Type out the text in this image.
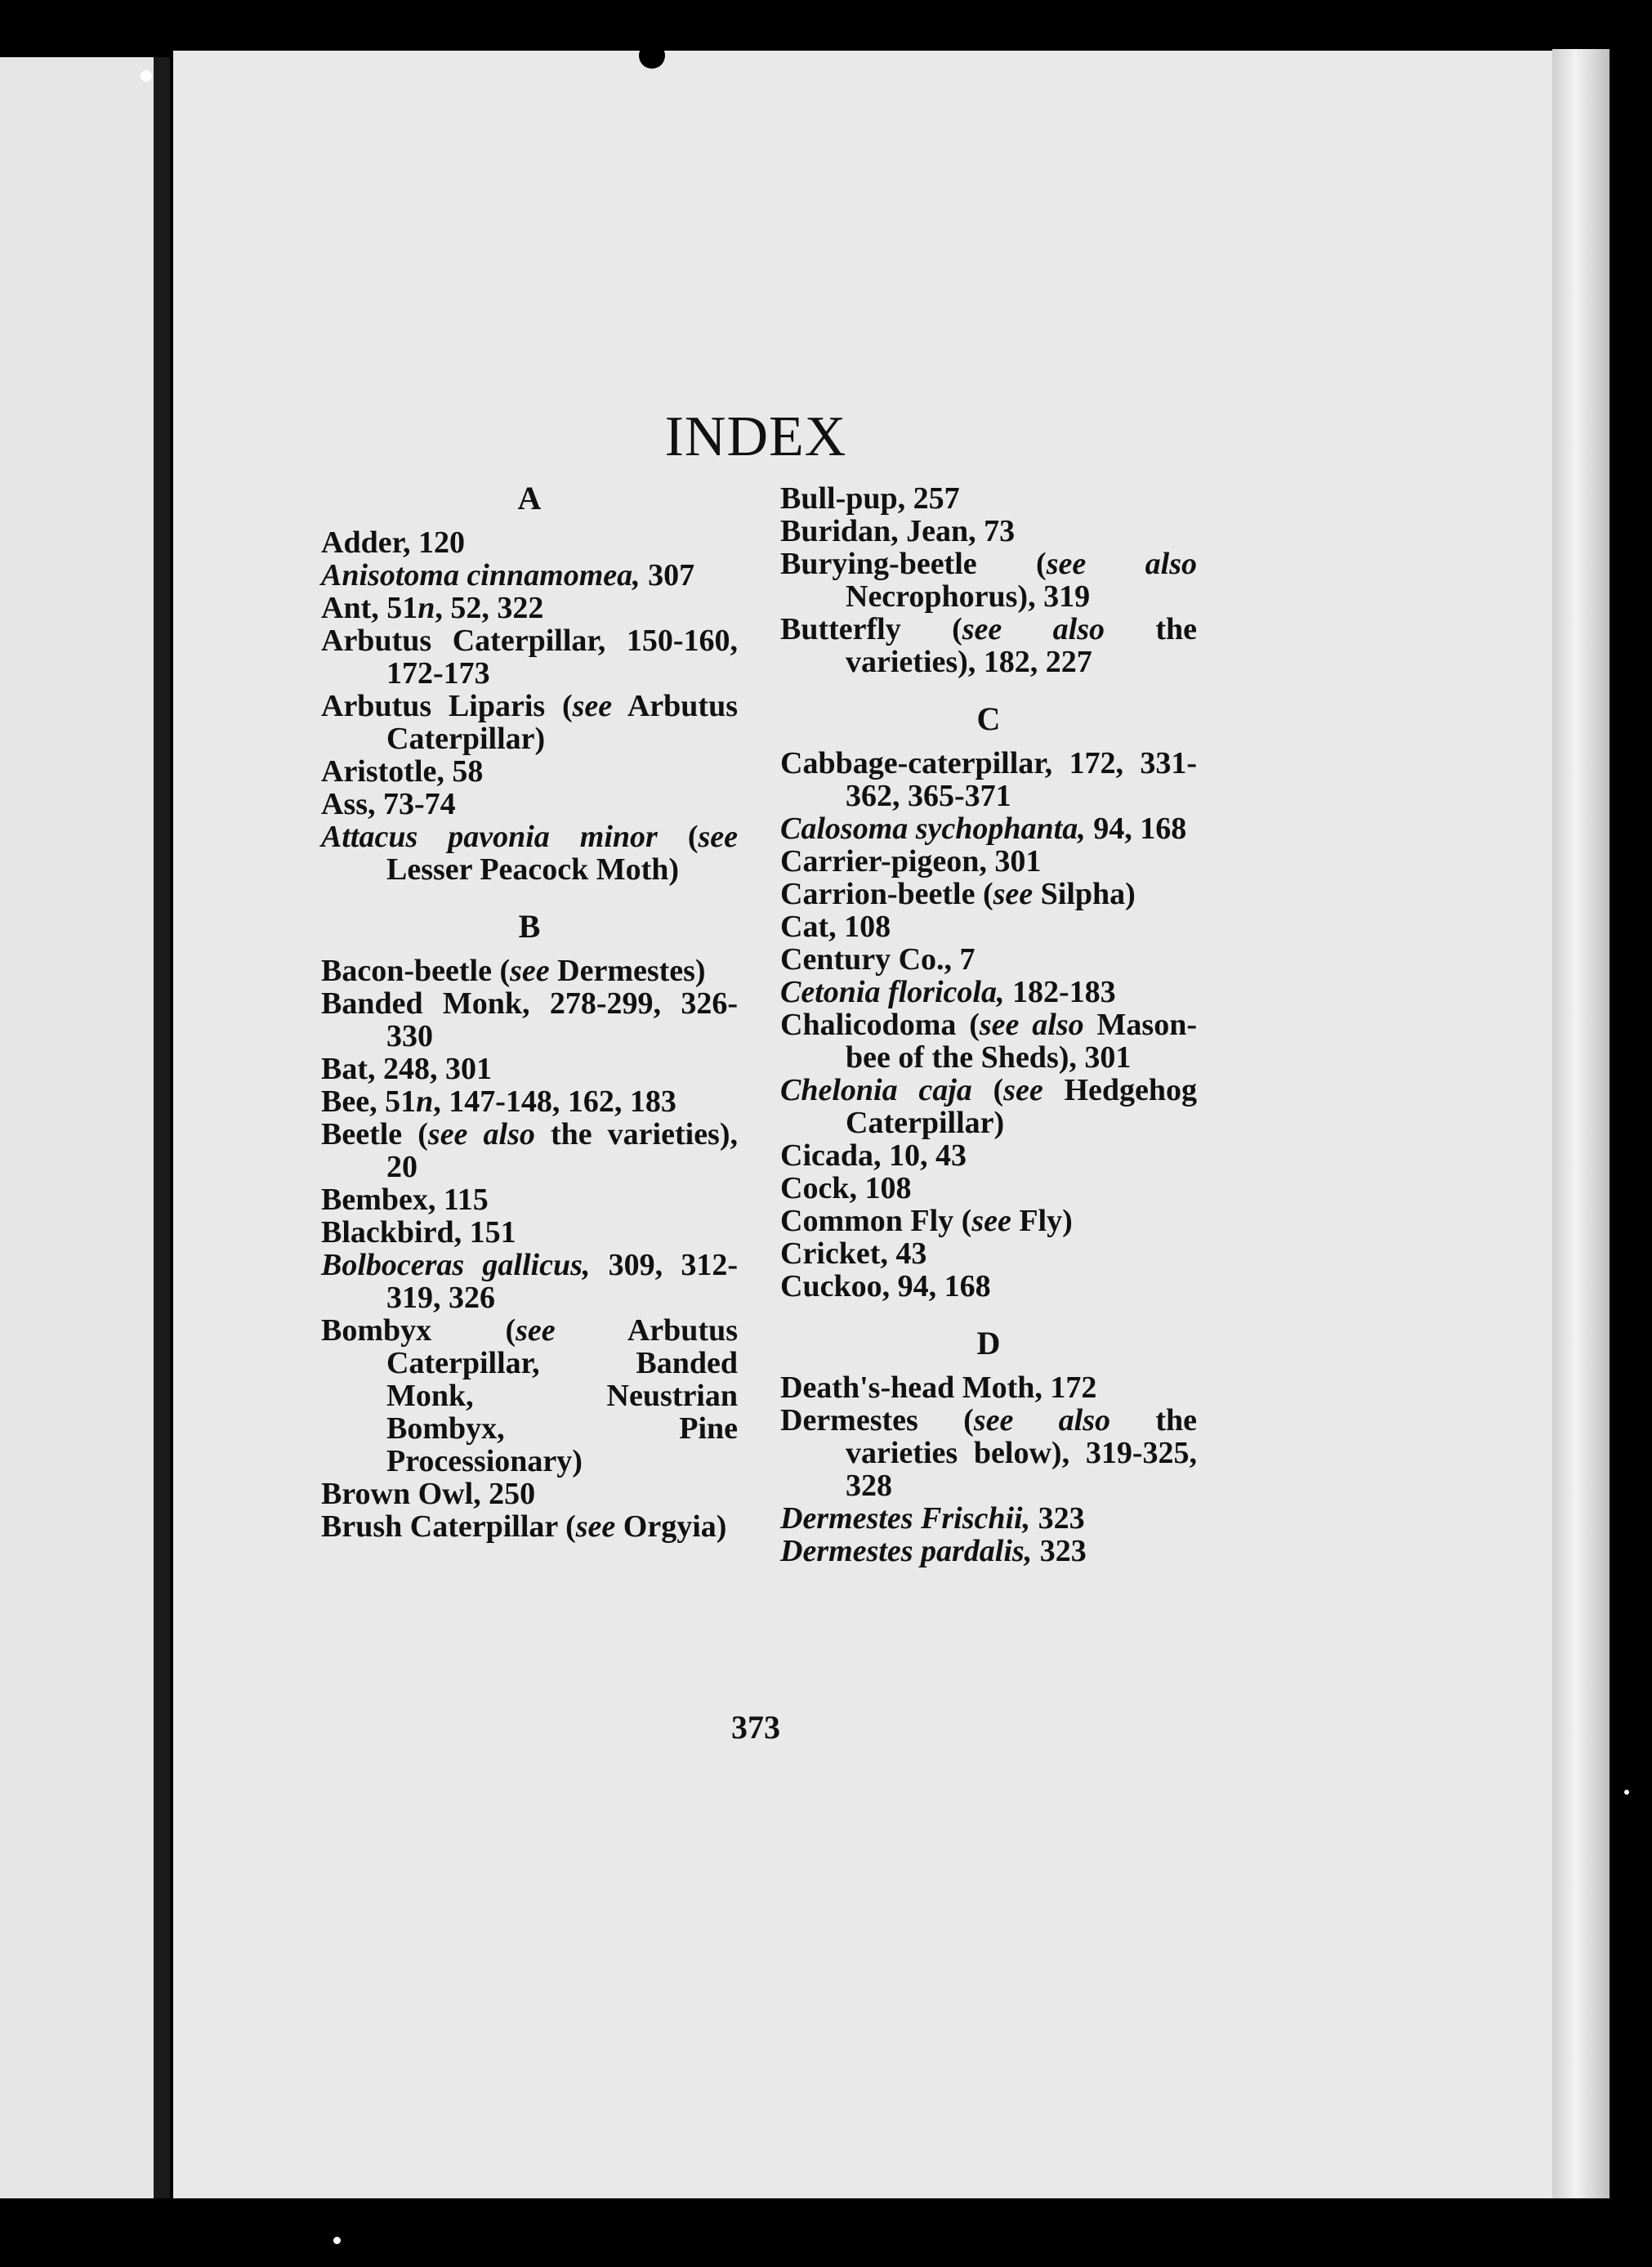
INDEX
A
Adder, 120
Anisotoma cinnamomea, 307
Ant, 51n, 52, 322
Arbutus Caterpillar, 150-160, 172-173
Arbutus Liparis (see Arbutus Caterpillar)
Aristotle, 58
Ass, 73-74
Attacus pavonia minor (see Lesser Peacock Moth)
B
Bacon-beetle (see Dermestes)
Banded Monk, 278-299, 326-330
Bat, 248, 301
Bee, 51n, 147-148, 162, 183
Beetle (see also the varieties), 20
Bembex, 115
Blackbird, 151
Bolboceras gallicus, 309, 312-319, 326
Bombyx (see Arbutus Caterpillar, Banded Monk, Neustrian Bombyx, Pine Processionary)
Brown Owl, 250
Brush Caterpillar (see Orgyia)
Bull-pup, 257
Buridan, Jean, 73
Burying-beetle (see also Necrophorus), 319
Butterfly (see also the varieties), 182, 227
C
Cabbage-caterpillar, 172, 331-362, 365-371
Calosoma sychophanta, 94, 168
Carrier-pigeon, 301
Carrion-beetle (see Silpha)
Cat, 108
Century Co., 7
Cetonia floricola, 182-183
Chalicodoma (see also Mason-bee of the Sheds), 301
Chelonia caja (see Hedgehog Caterpillar)
Cicada, 10, 43
Cock, 108
Common Fly (see Fly)
Cricket, 43
Cuckoo, 94, 168
D
Death's-head Moth, 172
Dermestes (see also the varieties below), 319-325, 328
Dermestes Frischii, 323
Dermestes pardalis, 323
373
